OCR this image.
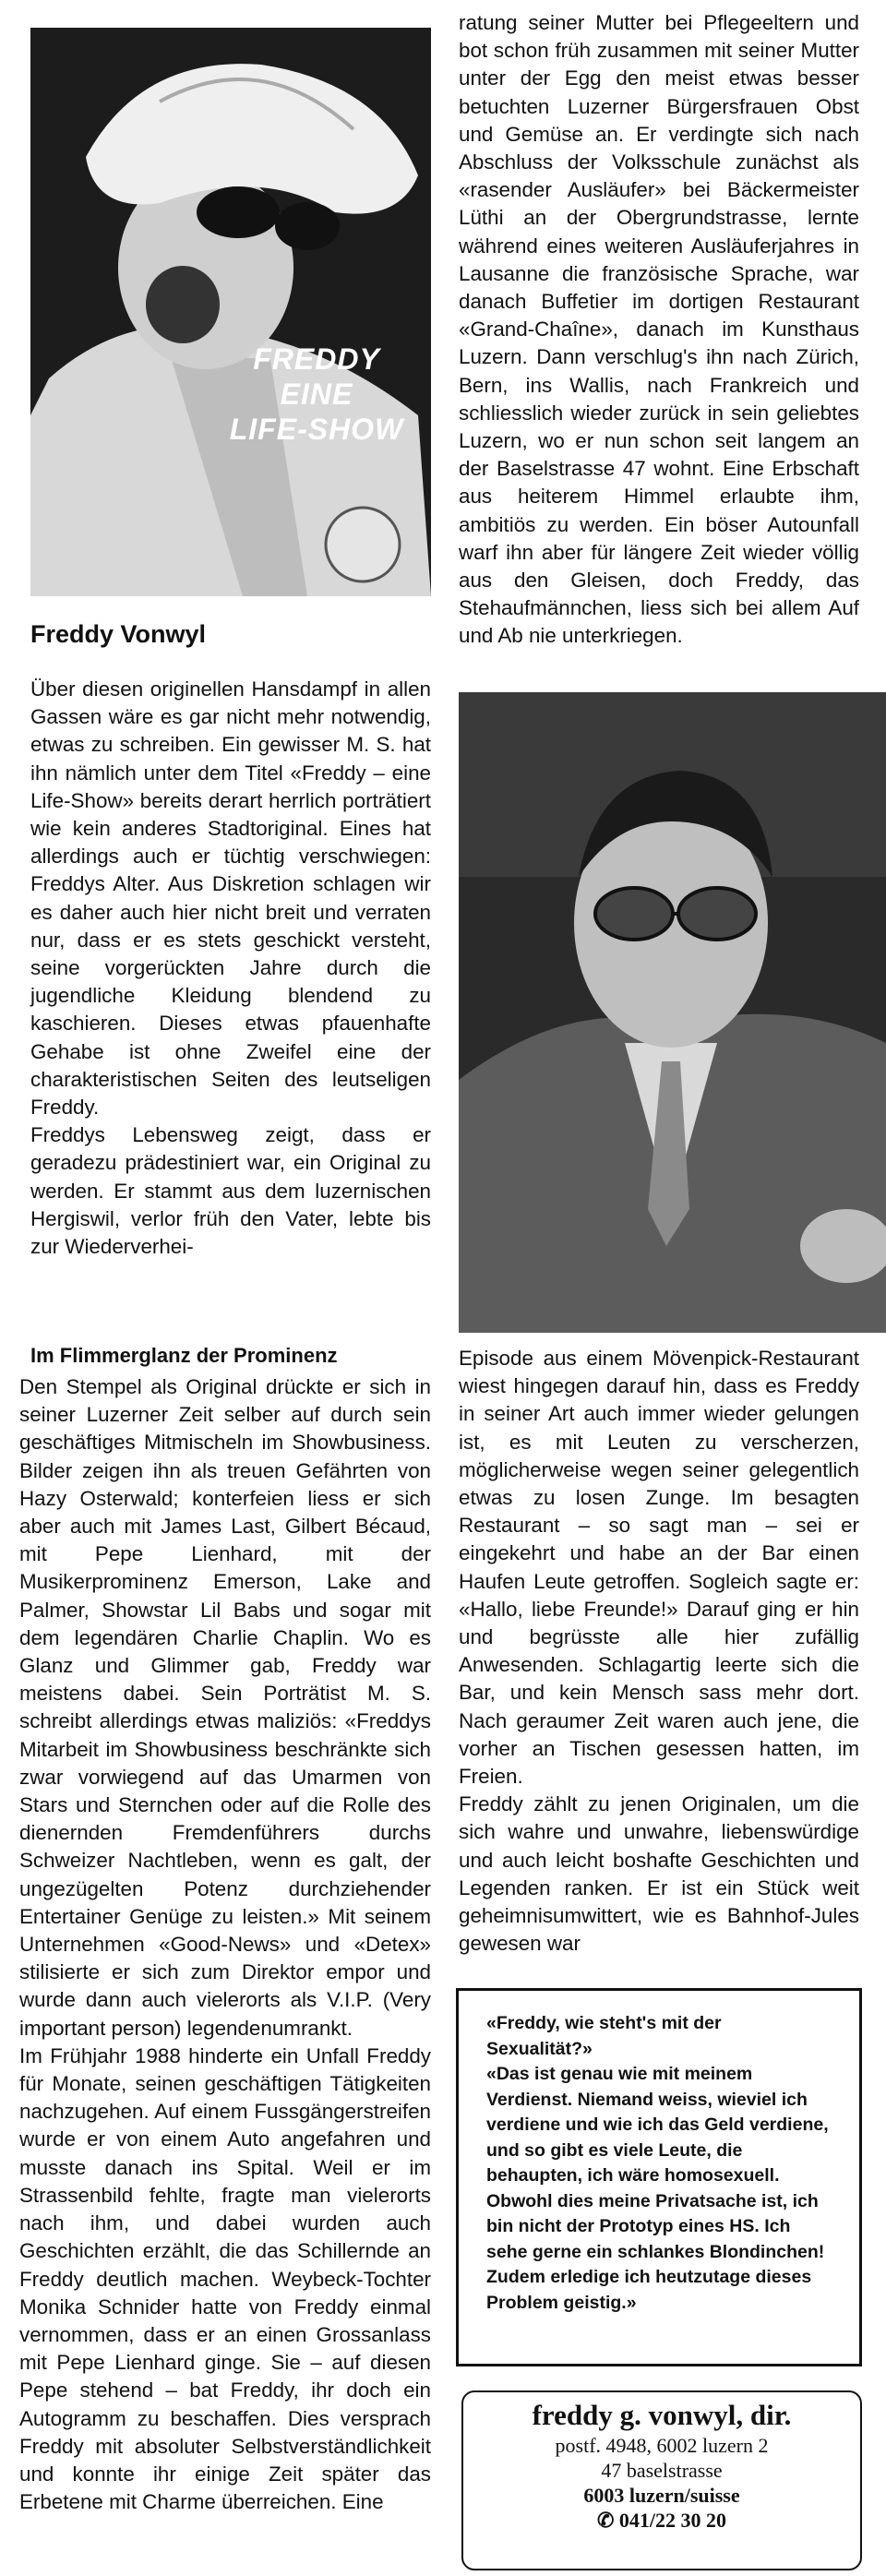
FREDDY
EINE
LIFE-SHOW
Freddy Vonwyl

Über diesen originellen Hansdampf in allen Gassen wäre es gar nicht mehr notwendig, etwas zu schreiben. Ein gewisser M. S. hat ihn nämlich unter dem Titel «Freddy – eine Life-Show» bereits derart herrlich porträtiert wie kein anderes Stadtoriginal. Eines hat allerdings auch er tüchtig verschwiegen: Freddys Alter. Aus Diskretion schlagen wir es daher auch hier nicht breit und verraten nur, dass er es stets geschickt versteht, seine vorgerückten Jahre durch die jugendliche Kleidung blendend zu kaschieren. Dieses etwas pfauenhafte Gehabe ist ohne Zweifel eine der charakteristischen Seiten des leutseligen Freddy.

Freddys Lebensweg zeigt, dass er geradezu prädestiniert war, ein Original zu werden. Er stammt aus dem luzernischen Hergiswil, verlor früh den Vater, lebte bis zur Wiederverhei-

ratung seiner Mutter bei Pflegeeltern und bot schon früh zusammen mit seiner Mutter unter der Egg den meist etwas besser betuchten Luzerner Bürgersfrauen Obst und Gemüse an. Er verdingte sich nach Abschluss der Volksschule zunächst als «rasender Ausläufer» bei Bäckermeister Lüthi an der Obergrundstrasse, lernte während eines weiteren Ausläuferjahres in Lausanne die französische Sprache, war danach Buffetier im dortigen Restaurant «Grand-Chaîne», danach im Kunsthaus Luzern. Dann verschlug's ihn nach Zürich, Bern, ins Wallis, nach Frankreich und schliesslich wieder zurück in sein geliebtes Luzern, wo er nun schon seit langem an der Baselstrasse 47 wohnt. Eine Erbschaft aus heiterem Himmel erlaubte ihm, ambitiös zu werden. Ein böser Autounfall warf ihn aber für längere Zeit wieder völlig aus den Gleisen, doch Freddy, das Stehaufmännchen, liess sich bei allem Auf und Ab nie unterkriegen.

Im Flimmerglanz der Prominenz

Den Stempel als Original drückte er sich in seiner Luzerner Zeit selber auf durch sein geschäftiges Mitmischeln im Showbusiness. Bilder zeigen ihn als treuen Gefährten von Hazy Osterwald; konterfeien liess er sich aber auch mit James Last, Gilbert Bécaud, mit Pepe Lienhard, mit der Musikerprominenz Emerson, Lake and Palmer, Showstar Lil Babs und sogar mit dem legendären Charlie Chaplin. Wo es Glanz und Glimmer gab, Freddy war meistens dabei. Sein Porträtist M. S. schreibt allerdings etwas maliziös: «Freddys Mitarbeit im Showbusiness beschränkte sich zwar vorwiegend auf das Umarmen von Stars und Sternchen oder auf die Rolle des dienernden Fremdenführers durchs Schweizer Nachtleben, wenn es galt, der ungezügelten Potenz durchziehender Entertainer Genüge zu leisten.» Mit seinem Unternehmen «Good-News» und «Detex» stilisierte er sich zum Direktor empor und wurde dann auch vielerorts als V.I.P. (Very important person) legendenumrankt.

Im Frühjahr 1988 hinderte ein Unfall Freddy für Monate, seinen geschäftigen Tätigkeiten nachzugehen. Auf einem Fussgängerstreifen wurde er von einem Auto angefahren und musste danach ins Spital. Weil er im Strassenbild fehlte, fragte man vielerorts nach ihm, und dabei wurden auch Geschichten erzählt, die das Schillernde an Freddy deutlich machen. Weybeck-Tochter Monika Schnider hatte von Freddy einmal vernommen, dass er an einen Grossanlass mit Pepe Lienhard ginge. Sie – auf diesen Pepe stehend – bat Freddy, ihr doch ein Autogramm zu beschaffen. Dies versprach Freddy mit absoluter Selbstverständlichkeit und konnte ihr einige Zeit später das Erbetene mit Charme überreichen. Eine

Episode aus einem Mövenpick-Restaurant wiest hingegen darauf hin, dass es Freddy in seiner Art auch immer wieder gelungen ist, es mit Leuten zu verscherzen, möglicherweise wegen seiner gelegentlich etwas zu losen Zunge. Im besagten Restaurant – so sagt man – sei er eingekehrt und habe an der Bar einen Haufen Leute getroffen. Sogleich sagte er: «Hallo, liebe Freunde!» Darauf ging er hin und begrüsste alle hier zufällig Anwesenden. Schlagartig leerte sich die Bar, und kein Mensch sass mehr dort. Nach geraumer Zeit waren auch jene, die vorher an Tischen gesessen hatten, im Freien.

Freddy zählt zu jenen Originalen, um die sich wahre und unwahre, liebenswürdige und auch leicht boshafte Geschichten und Legenden ranken. Er ist ein Stück weit geheimnisumwittert, wie es Bahnhof-Jules gewesen war

«Freddy, wie steht's mit der Sexualität?»

«Das ist genau wie mit meinem Verdienst. Niemand weiss, wieviel ich verdiene und wie ich das Geld verdiene, und so gibt es viele Leute, die behaupten, ich wäre homosexuell. Obwohl dies meine Privatsache ist, ich bin nicht der Prototyp eines HS. Ich sehe gerne ein schlankes Blondinchen! Zudem erledige ich heutzutage dieses Problem geistig.»

freddy g. vonwyl, dir.
postf. 4948, 6002 luzern 2
47 baselstrasse
6003 luzern/suisse
✆ 041/22 30 20
